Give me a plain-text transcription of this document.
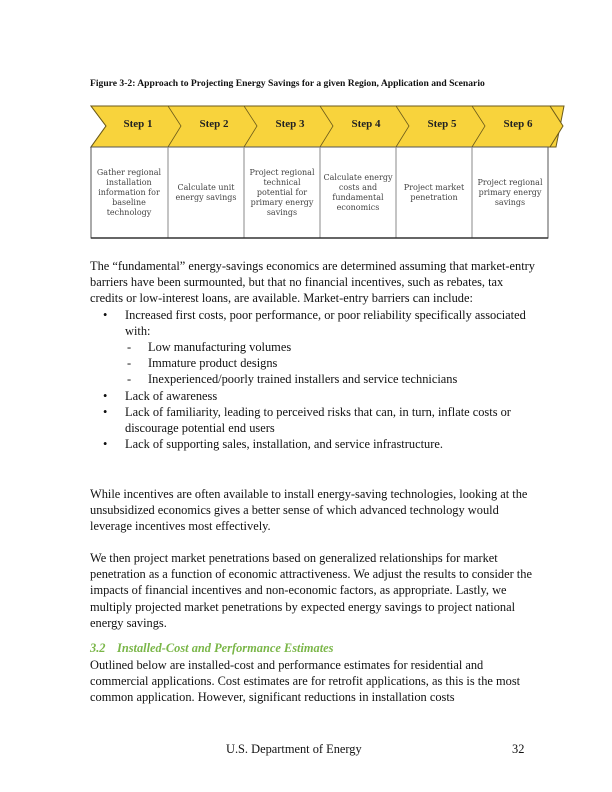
Figure 3-2: Approach to Projecting Energy Savings for a given Region, Application and Scenario
Step 1	Step 2	Step 3	Step 4	Step 5	Step 6
Gather regional installation information for baseline technology
Calculate unit energy savings
Project regional technical potential for primary energy savings
Calculate energy costs and fundamental economics
Project market penetration
Project regional primary energy savings

The “fundamental” energy-savings economics are determined assuming that market-entry barriers have been surmounted, but that no financial incentives, such as rebates, tax credits or low-interest loans, are available. Market-entry barriers can include:

• Increased first costs, poor performance, or poor reliability specifically associated with:
- Low manufacturing volumes
- Immature product designs
- Inexperienced/poorly trained installers and service technicians
• Lack of awareness
• Lack of familiarity, leading to perceived risks that can, in turn, inflate costs or discourage potential end users
• Lack of supporting sales, installation, and service infrastructure.
While incentives are often available to install energy-saving technologies, looking at the unsubsidized economics gives a better sense of which advanced technology would leverage incentives most effectively.
We then project market penetrations based on generalized relationships for market penetration as a function of economic attractiveness. We adjust the results to consider the impacts of financial incentives and non-economic factors, as appropriate. Lastly, we multiply projected market penetrations by expected energy savings to project national energy savings.
3.2 Installed-Cost and Performance Estimates
Outlined below are installed-cost and performance estimates for residential and commercial applications. Cost estimates are for retrofit applications, as this is the most common application. However, significant reductions in installation costs
U.S. Department of Energy	32
